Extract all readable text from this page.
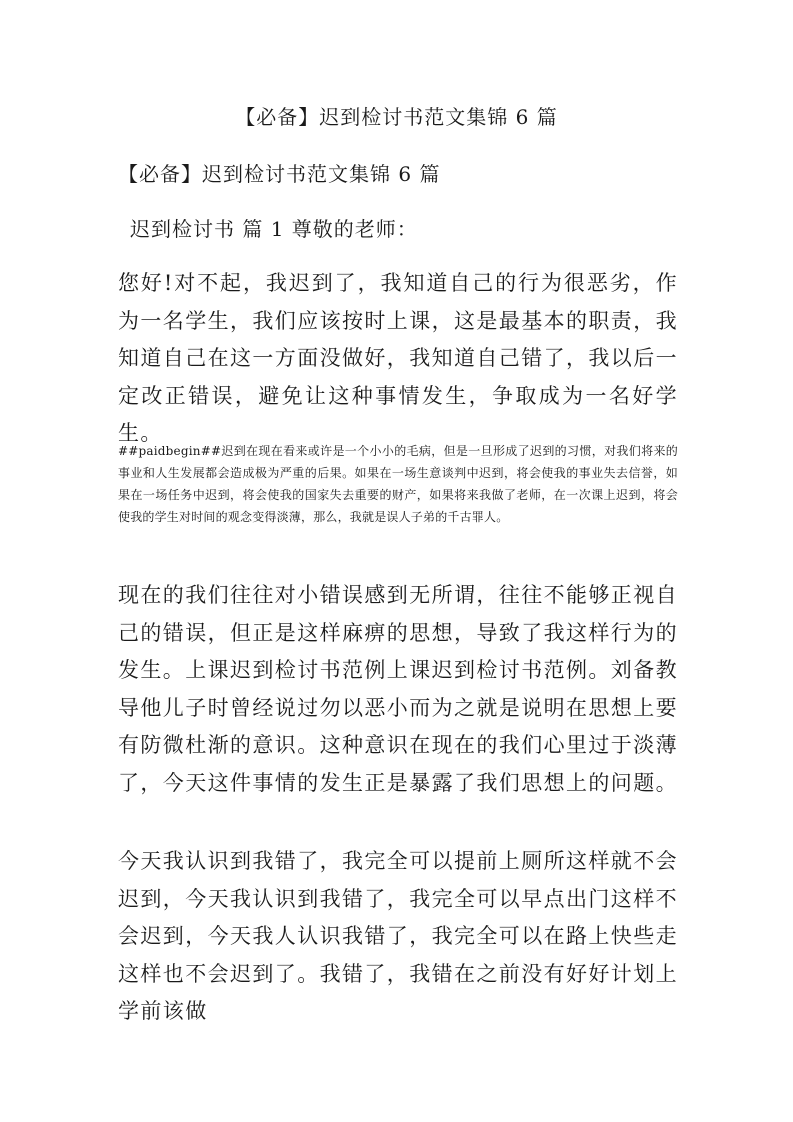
【必备】迟到检讨书范文集锦 6 篇
【必备】迟到检讨书范文集锦 6 篇

迟到检讨书 篇 1 尊敬的老师：

您好!对不起，我迟到了，我知道自己的行为很恶劣，作为一名学生，我们应该按时上课，这是最基本的职责，我知道自己在这一方面没做好，我知道自己错了，我以后一定改正错误，避免让这种事情发生，争取成为一名好学生。

##paidbegin##迟到在现在看来或许是一个小小的毛病，但是一旦形成了迟到的习惯，对我们将来的事业和人生发展都会造成极为严重的后果。如果在一场生意谈判中迟到，将会使我的事业失去信誉，如果在一场任务中迟到，将会使我的国家失去重要的财产，如果将来我做了老师，在一次课上迟到，将会使我的学生对时间的观念变得淡薄，那么，我就是误人子弟的千古罪人。

现在的我们往往对小错误感到无所谓，往往不能够正视自己的错误，但正是这样麻痹的思想，导致了我这样行为的发生。上课迟到检讨书范例上课迟到检讨书范例。刘备教导他儿子时曾经说过勿以恶小而为之就是说明在思想上要有防微杜渐的意识。这种意识在现在的我们心里过于淡薄了，今天这件事情的发生正是暴露了我们思想上的问题。

今天我认识到我错了，我完全可以提前上厕所这样就不会迟到，今天我认识到我错了，我完全可以早点出门这样不会迟到，今天我人认识我错了，我完全可以在路上快些走这样也不会迟到了。我错了，我错在之前没有好好计划上学前该做
